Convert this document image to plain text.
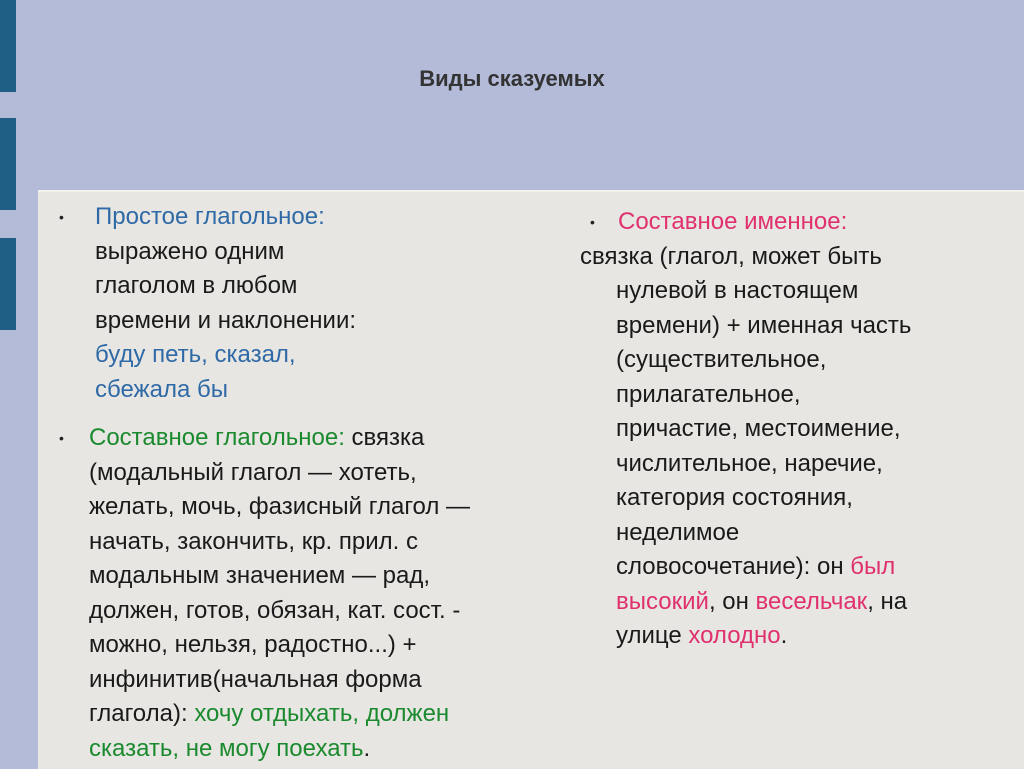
Виды сказуемых
• Простое глагольное:

выражено одним

глаголом в любом

времени и наклонении:

буду петь, сказал,

сбежала бы

• Составное глагольное: связка

(модальный глагол — хотеть,

желать, мочь, фазисный глагол —

начать, закончить, кр. прил. с

модальным значением — рад,

должен, готов, обязан, кат. сост. -

можно, нельзя, радостно...) +

инфинитив(начальная форма

глагола): хочу отдыхать, должен

сказать, не могу поехать.

• Составное именное:

связка (глагол, может быть

нулевой в настоящем

времени) + именная часть

(существительное,

прилагательное,

причастие, местоимение,

числительное, наречие,

категория состояния,

неделимое

словосочетание): он был

высокий, он весельчак, на

улице холодно.
